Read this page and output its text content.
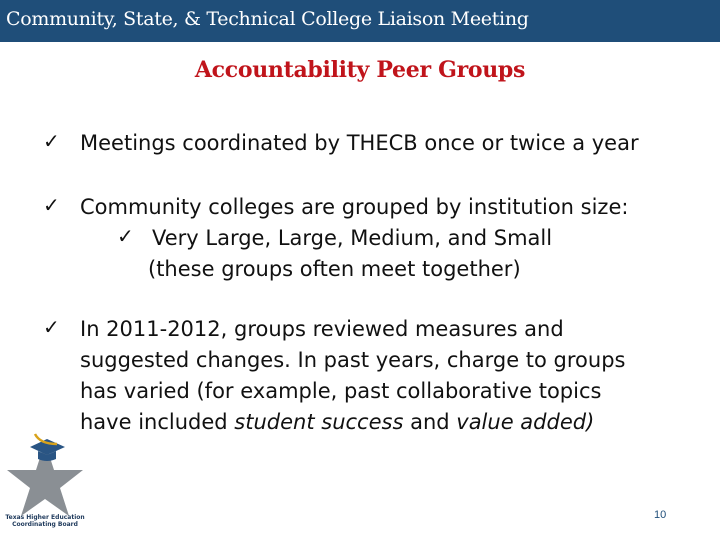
Community, State, & Technical College Liaison Meeting
Accountability Peer Groups
✓ Meetings coordinated by THECB once or twice a year
✓ Community colleges are grouped by institution size:
✓ Very Large, Large, Medium, and Small
(these groups often meet together)
✓ In 2011-2012, groups reviewed measures and
suggested changes. In past years, charge to groups
has varied (for example, past collaborative topics
have included student success and value added)
Texas Higher Education
Coordinating Board
10
